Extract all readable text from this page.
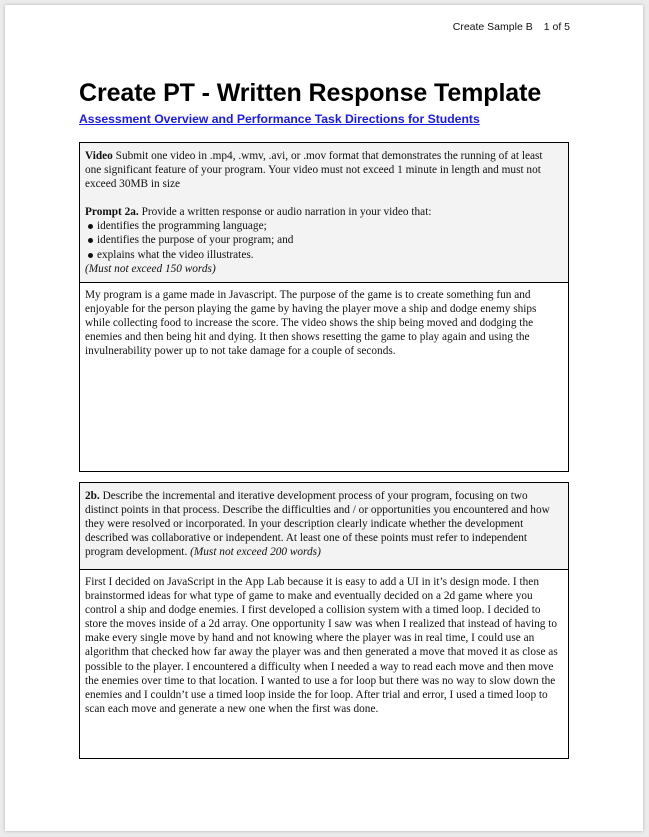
Create Sample B 1 of 5
Create PT - Written Response Template
Assessment Overview and Performance Task Directions for Students

Video Submit one video in .mp4, .wmv, .avi, or .mov format that demonstrates the running of at least one significant feature of your program. Your video must not exceed 1 minute in length and must not exceed 30MB in size

Prompt 2a. Provide a written response or audio narration in your video that:

identifies the programming language;
identifies the purpose of your program; and
explains what the video illustrates.

(Must not exceed 150 words)

My program is a game made in Javascript. The purpose of the game is to create something fun and enjoyable for the person playing the game by having the player move a ship and dodge enemy ships while collecting food to increase the score. The video shows the ship being moved and dodging the enemies and then being hit and dying. It then shows resetting the game to play again and using the invulnerability power up to not take damage for a couple of seconds.

2b. Describe the incremental and iterative development process of your program, focusing on two distinct points in that process. Describe the difficulties and / or opportunities you encountered and how they were resolved or incorporated. In your description clearly indicate whether the development described was collaborative or independent. At least one of these points must refer to independent program development. (Must not exceed 200 words)

First I decided on JavaScript in the App Lab because it is easy to add a UI in it’s design mode. I then brainstormed ideas for what type of game to make and eventually decided on a 2d game where you control a ship and dodge enemies. I first developed a collision system with a timed loop. I decided to store the moves inside of a 2d array. One opportunity I saw was when I realized that instead of having to make every single move by hand and not knowing where the player was in real time, I could use an algorithm that checked how far away the player was and then generated a move that moved it as close as possible to the player. I encountered a difficulty when I needed a way to read each move and then move the enemies over time to that location. I wanted to use a for loop but there was no way to slow down the enemies and I couldn’t use a timed loop inside the for loop. After trial and error, I used a timed loop to scan each move and generate a new one when the first was done.
